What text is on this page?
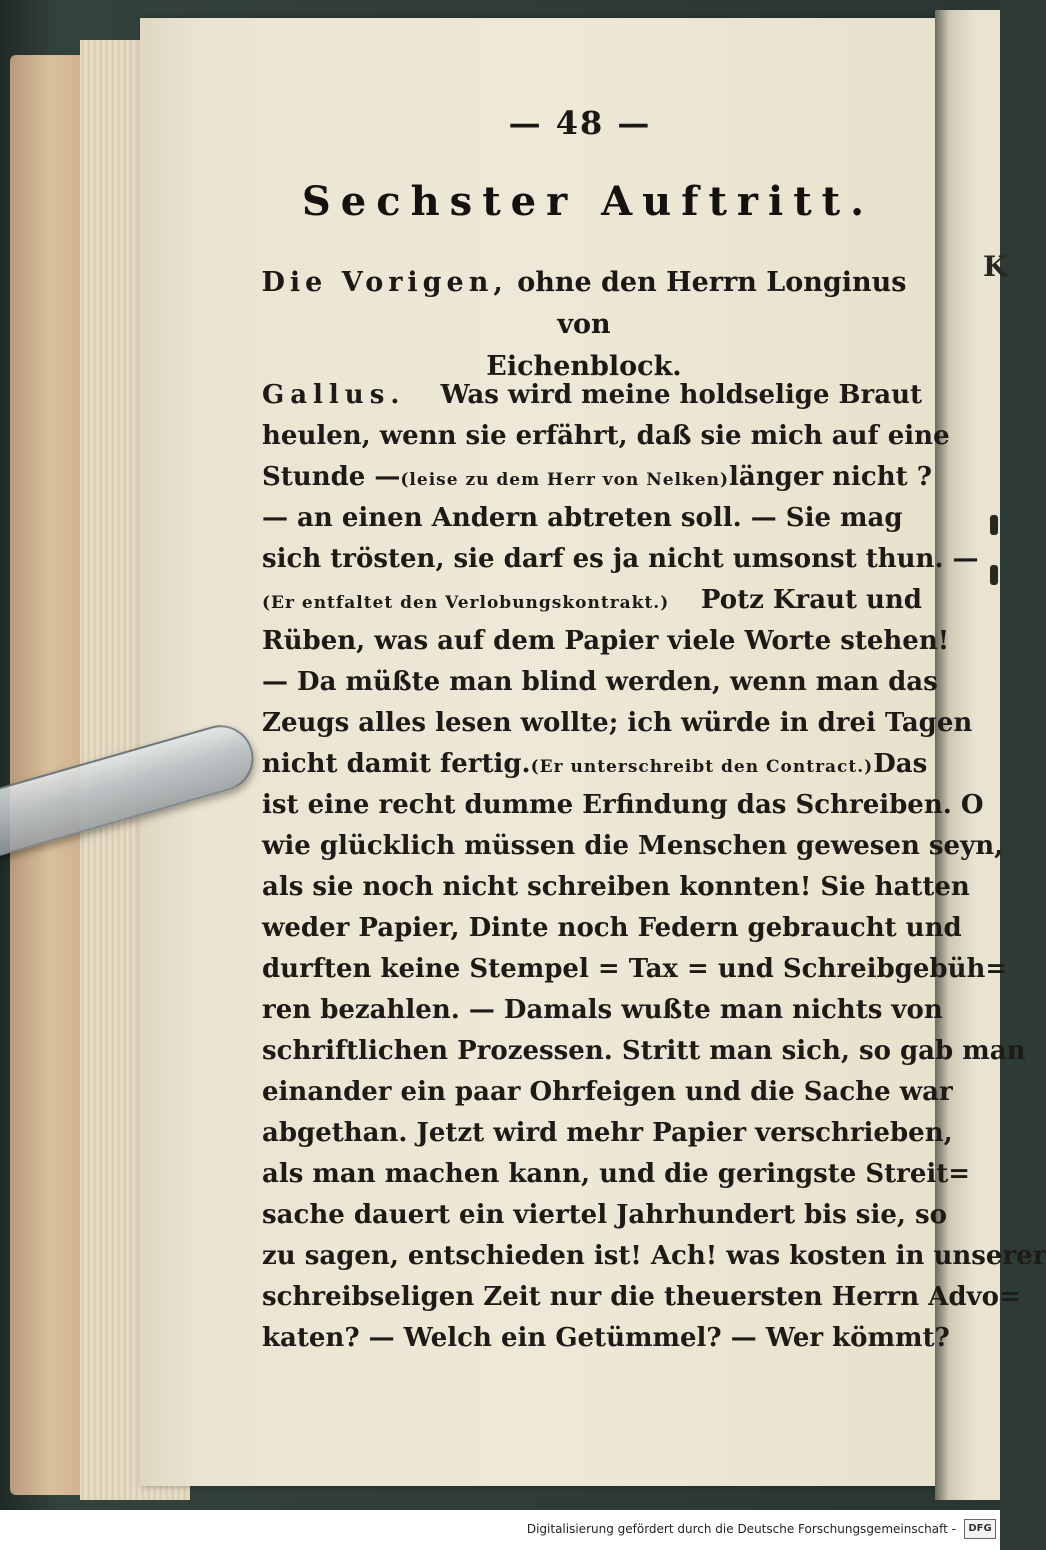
K
— 48 —
Sechster Auftritt.
Die Vorigen, ohne den Herrn Longinus von
Eichenblock.
Gallus. Was wird meine holdselige Braut
heulen, wenn sie erfährt, daß sie mich auf eine
Stunde — (leise zu dem Herr von Nelken) länger nicht ?
— an einen Andern abtreten soll. — Sie mag
sich trösten, sie darf es ja nicht umsonst thun. —
(Er entfaltet den Verlobungskontrakt.) Potz Kraut und
Rüben, was auf dem Papier viele Worte stehen!
— Da müßte man blind werden, wenn man das
Zeugs alles lesen wollte; ich würde in drei Tagen
nicht damit fertig. (Er unterschreibt den Contract.) Das
ist eine recht dumme Erfindung das Schreiben. O
wie glücklich müssen die Menschen gewesen seyn,
als sie noch nicht schreiben konnten! Sie hatten
weder Papier, Dinte noch Federn gebraucht und
durften keine Stempel = Tax = und Schreibgebüh=
ren bezahlen. — Damals wußte man nichts von
schriftlichen Prozessen. Stritt man sich, so gab man
einander ein paar Ohrfeigen und die Sache war
abgethan. Jetzt wird mehr Papier verschrieben,
als man machen kann, und die geringste Streit=
sache dauert ein viertel Jahrhundert bis sie, so
zu sagen, entschieden ist! Ach! was kosten in unserer
schreibseligen Zeit nur die theuersten Herrn Advo=
katen? — Welch ein Getümmel? — Wer kömmt?
Digitalisierung gefördert durch die Deutsche Forschungsgemeinschaft -	DFG
